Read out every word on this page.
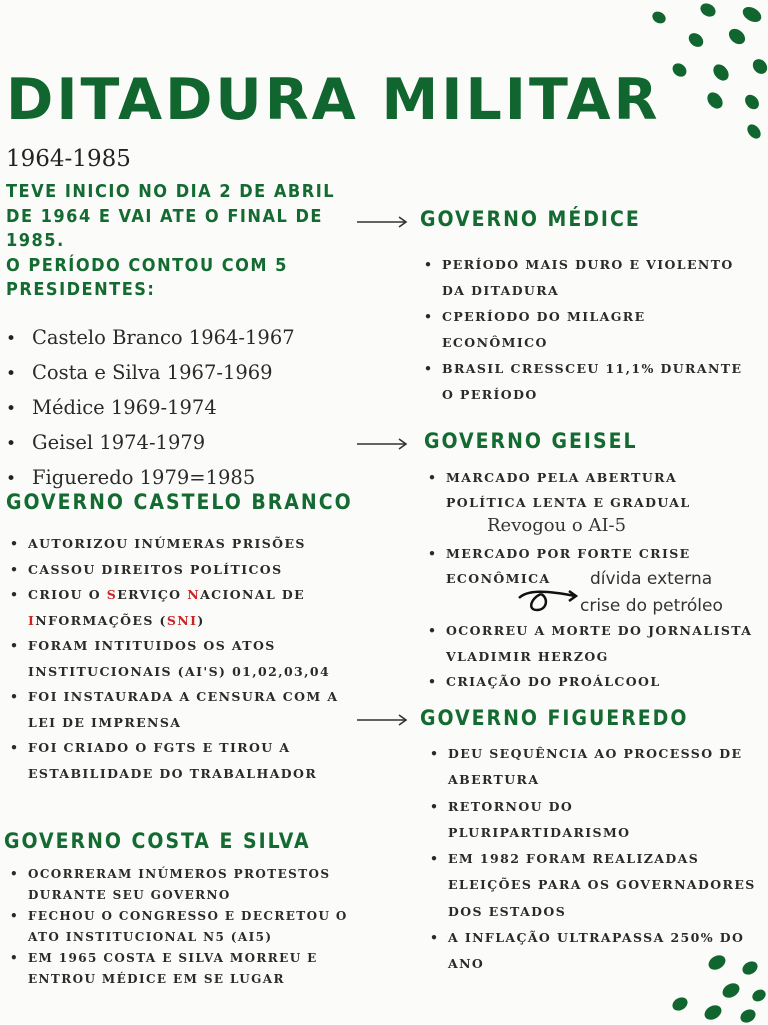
DITADURA MILITAR
1964-1985

TEVE INICIO NO DIA 2 DE ABRIL DE 1964 E VAI ATE O FINAL DE 1985.

O PERÍODO CONTOU COM 5 PRESIDENTES:

• Castelo Branco 1964-1967
• Costa e Silva 1967-1969
• Médice 1969-1974
• Geisel 1974-1979
• Figueredo 1979=1985
GOVERNO CASTELO BRANCO
• AUTORIZOU INÚMERAS PRISÕES
• CASSOU DIREITOS POLÍTICOS
• CRIOU O SERVIÇO NACIONAL DE INFORMAÇÕES (SNI)
• FORAM INTITUIDOS OS ATOS INSTITUCIONAIS (AI'S) 01,02,03,04
• FOI INSTAURADA A CENSURA COM A LEI DE IMPRENSA
• FOI CRIADO O FGTS E TIROU A ESTABILIDADE DO TRABALHADOR
GOVERNO COSTA E SILVA
• OCORRERAM INÚMEROS PROTESTOS DURANTE SEU GOVERNO
• FECHOU O CONGRESSO E DECRETOU O ATO INSTITUCIONAL N5 (AI5)
• EM 1965 COSTA E SILVA MORREU E ENTROU MÉDICE EM SE LUGAR
GOVERNO MÉDICE
• PERÍODO MAIS DURO E VIOLENTO DA DITADURA
• CPERÍODO DO MILAGRE ECONÔMICO
• BRASIL CRESSCEU 11,1% DURANTE O PERÍODO
GOVERNO GEISEL
• MARCADO PELA ABERTURA POLÍTICA LENTA E GRADUAL
Revogou o AI-5
• MERCADO POR FORTE CRISE
ECONÔMICA	dívida externa
crise do petróleo
• OCORREU A MORTE DO JORNALISTA VLADIMIR HERZOG
• CRIAÇÃO DO PROÁLCOOL
GOVERNO FIGUEREDO
• DEU SEQUÊNCIA AO PROCESSO DE ABERTURA
• RETORNOU DO PLURIPARTIDARISMO
• EM 1982 FORAM REALIZADAS ELEIÇÕES PARA OS GOVERNADORES DOS ESTADOS
• A INFLAÇÃO ULTRAPASSA 250% DO ANO
